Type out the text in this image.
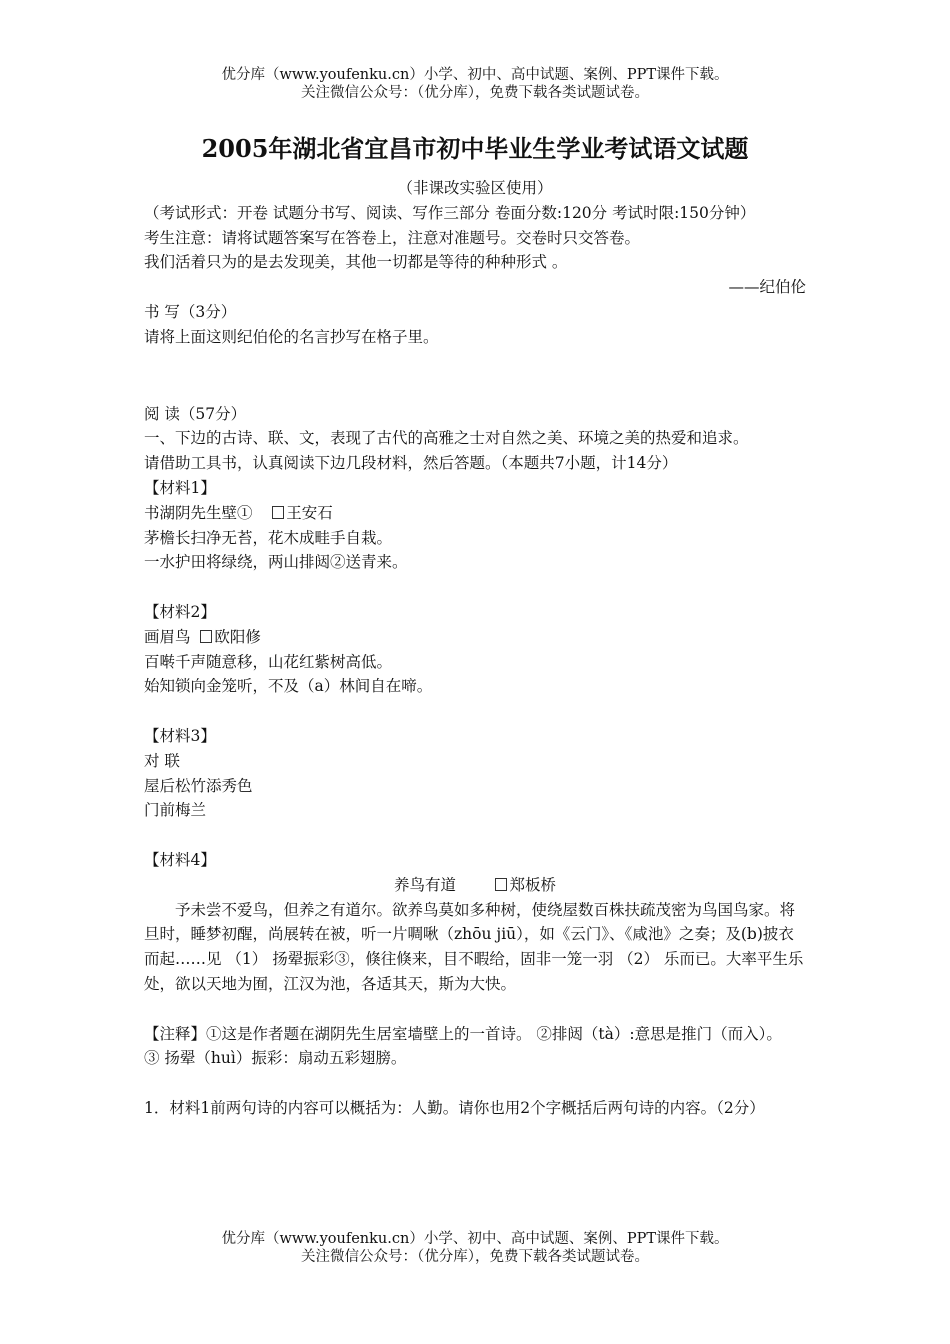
优分库（www.youfenku.cn）小学、初中、高中试题、案例、PPT课件下载。
关注微信公众号：（优分库），免费下载各类试题试卷。
2005年湖北省宜昌市初中毕业生学业考试语文试题

（非课改实验区使用）

（考试形式：开卷 试题分书写、阅读、写作三部分 卷面分数:120分 考试时限:150分钟）

考生注意：请将试题答案写在答卷上，注意对准题号。交卷时只交答卷。

我们活着只为的是去发现美，其他一切都是等待的种种形式 。

——纪伯伦

书 写（3分）

请将上面这则纪伯伦的名言抄写在格子里。

阅 读（57分）

一、下边的古诗、联、文，表现了古代的高雅之士对自然之美、环境之美的热爱和追求。

请借助工具书，认真阅读下边几段材料，然后答题。（本题共7小题，计14分）

【材料1】

书湖阴先生壁① 王安石

茅檐长扫净无苔，花木成畦手自栽。

一水护田将绿绕，两山排闼②送青来。

【材料2】

画眉鸟 欧阳修

百啭千声随意移，山花红紫树高低。

始知锁向金笼听，不及（a）林间自在啼。

【材料3】

对 联

屋后松竹添秀色

门前梅兰

【材料4】

养鸟有道	郑板桥

予未尝不爱鸟，但养之有道尔。欲养鸟莫如多种树，使绕屋数百株扶疏茂密为鸟国鸟家。将旦时，睡梦初醒，尚展转在被，听一片啁啾（zhōu jiū），如《云门》、《咸池》之奏；及(b)披衣而起……见 （1） 扬翚振彩③，倏往倏来，目不暇给，固非一笼一羽 （2） 乐而已。大率平生乐处，欲以天地为囿，江汉为池，各适其天，斯为大快。

【注释】①这是作者题在湖阴先生居室墙壁上的一首诗。 ②排闼（tà）:意思是推门（而入）。

③ 扬翚（huì）振彩：扇动五彩翅膀。

1．材料1前两句诗的内容可以概括为：人勤。请你也用2个字概括后两句诗的内容。（2分）

优分库（www.youfenku.cn）小学、初中、高中试题、案例、PPT课件下载。
关注微信公众号：（优分库），免费下载各类试题试卷。
